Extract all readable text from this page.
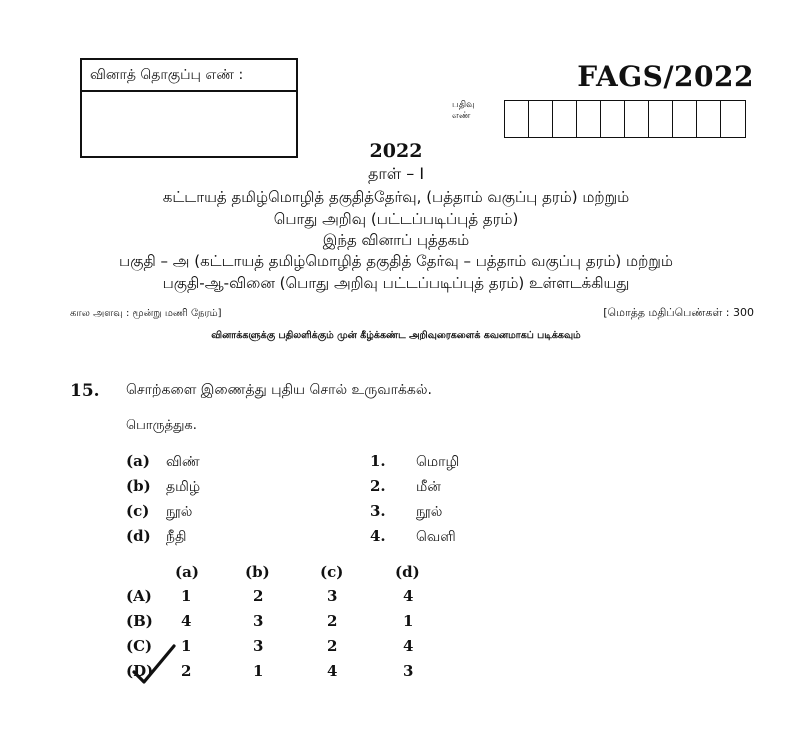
வினாத் தொகுப்பு எண் :	FAGS/2022
பதிவு
எண்
2022
தாள் – I
கட்டாயத் தமிழ்மொழித் தகுதித்தேர்வு, (பத்தாம் வகுப்பு தரம்) மற்றும்
பொது அறிவு (பட்டப்படிப்புத் தரம்)
இந்த வினாப் புத்தகம்
பகுதி – அ (கட்டாயத் தமிழ்மொழித் தகுதித் தேர்வு – பத்தாம் வகுப்பு தரம்) மற்றும்
பகுதி-ஆ-வினை (பொது அறிவு பட்டப்படிப்புத் தரம்) உள்ளடக்கியது
கால அளவு : மூன்று மணி நேரம்]	[மொத்த மதிப்பெண்கள் : 300
வினாக்களுக்கு பதிலளிக்கும் முன் கீழ்க்கண்ட அறிவுரைகளைக் கவனமாகப் படிக்கவும்
15. சொற்களை இணைத்து புதிய சொல் உருவாக்கல்.
பொருத்துக.
(a) விண்
(b) தமிழ்
(c) நூல்
(d) நீதி
1. மொழி
2. மீன்
3. நூல்
4. வெளி
(a)	(b)	(c)	(d)
(A) 1	2	3	4
(B) 4	3	2	1
(C) 1	3	2	4
(D) 2	1	4	3
